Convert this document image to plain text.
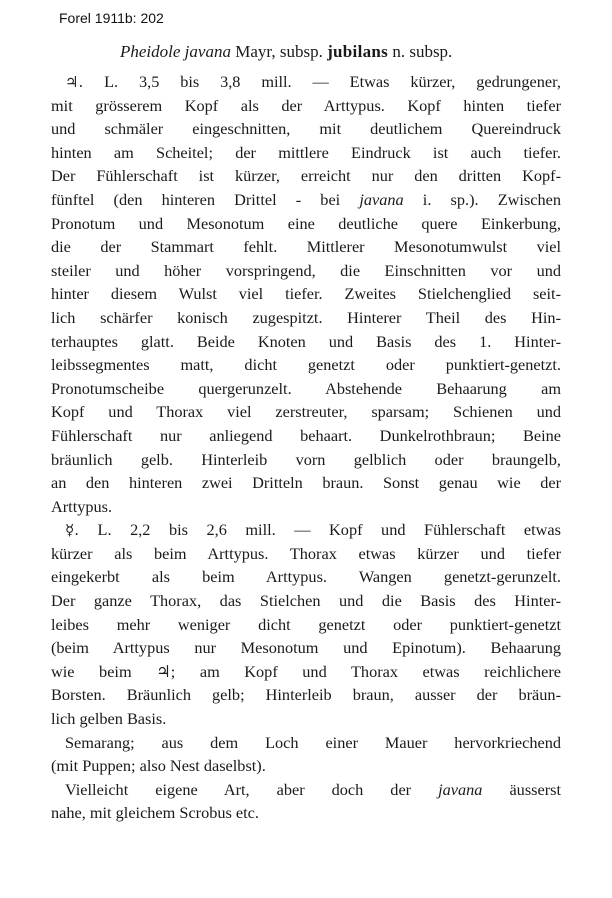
Forel 1911b: 202
Pheidole javana Mayr, subsp. jubilans n. subsp.
♃. L. 3,5 bis 3,8 mill. — Etwas kürzer, gedrungener,
mit grösserem Kopf als der Arttypus. Kopf hinten tiefer
und schmäler eingeschnitten, mit deutlichem Quereindruck
hinten am Scheitel; der mittlere Eindruck ist auch tiefer.
Der Fühlerschaft ist kürzer, erreicht nur den dritten Kopf-
fünftel (den hinteren Drittel - bei javana i. sp.). Zwischen
Pronotum und Mesonotum eine deutliche quere Einkerbung,
die der Stammart fehlt. Mittlerer Mesonotumwulst viel
steiler und höher vorspringend, die Einschnitten vor und
hinter diesem Wulst viel tiefer. Zweites Stielchenglied seit-
lich schärfer konisch zugespitzt. Hinterer Theil des Hin-
terhauptes glatt. Beide Knoten und Basis des 1. Hinter-
leibssegmentes matt, dicht genetzt oder punktiert-genetzt.
Pronotumscheibe quergerunzelt. Abstehende Behaarung am
Kopf und Thorax viel zerstreuter, sparsam; Schienen und
Fühlerschaft nur anliegend behaart. Dunkelrothbraun; Beine
bräunlich gelb. Hinterleib vorn gelblich oder braungelb,
an den hinteren zwei Dritteln braun. Sonst genau wie der
Arttypus.
☿. L. 2,2 bis 2,6 mill. — Kopf und Fühlerschaft etwas
kürzer als beim Arttypus. Thorax etwas kürzer und tiefer
eingekerbt als beim Arttypus. Wangen genetzt-gerunzelt.
Der ganze Thorax, das Stielchen und die Basis des Hinter-
leibes mehr weniger dicht genetzt oder punktiert-genetzt
(beim Arttypus nur Mesonotum und Epinotum). Behaarung
wie beim ♃; am Kopf und Thorax etwas reichlichere
Borsten. Bräunlich gelb; Hinterleib braun, ausser der bräun-
lich gelben Basis.
Semarang; aus dem Loch einer Mauer hervorkriechend
(mit Puppen; also Nest daselbst).
Vielleicht eigene Art, aber doch der javana äusserst
nahe, mit gleichem Scrobus etc.
